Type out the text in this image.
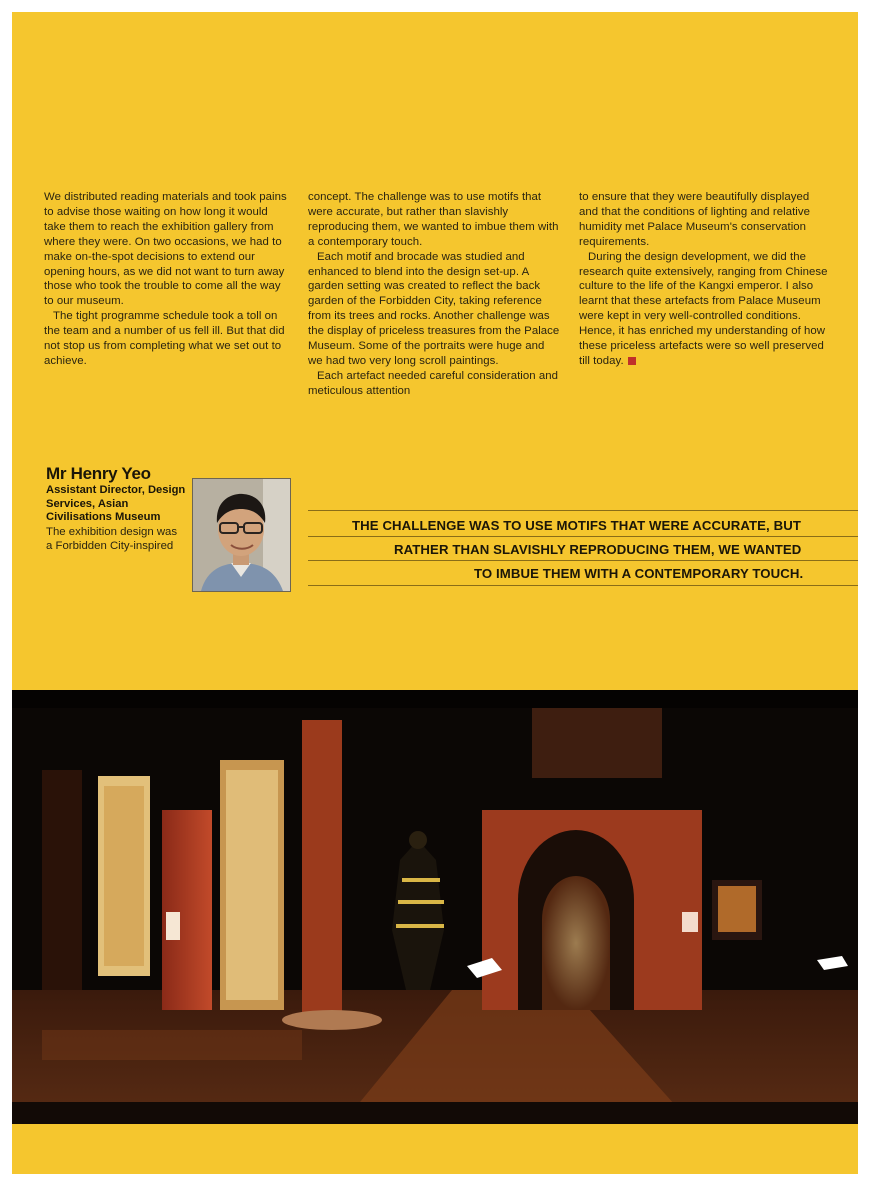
We distributed reading materials and took pains to advise those waiting on how long it would take them to reach the exhibition gallery from where they were. On two occasions, we had to make on-the-spot decisions to extend our opening hours, as we did not want to turn away those who took the trouble to come all the way to our museum.

The tight programme schedule took a toll on the team and a number of us fell ill. But that did not stop us from completing what we set out to achieve.

concept. The challenge was to use motifs that were accurate, but rather than slavishly reproducing them, we wanted to imbue them with a contemporary touch.

Each motif and brocade was studied and enhanced to blend into the design set-up. A garden setting was created to reflect the back garden of the Forbidden City, taking reference from its trees and rocks. Another challenge was the display of priceless treasures from the Palace Museum. Some of the portraits were huge and we had two very long scroll paintings.

Each artefact needed careful consideration and meticulous attention

to ensure that they were beautifully displayed and that the conditions of lighting and relative humidity met Palace Museum's conservation requirements.

During the design development, we did the research quite extensively, ranging from Chinese culture to the life of the Kangxi emperor. I also learnt that these artefacts from Palace Museum were kept in very well-controlled conditions. Hence, it has enriched my understanding of how these priceless artefacts were so well preserved till today.

Mr Henry Yeo
Assistant Director, Design Services, Asian Civilisations Museum
The exhibition design was a Forbidden City-inspired
THE CHALLENGE WAS TO USE MOTIFS THAT WERE ACCURATE, BUT
RATHER THAN SLAVISHLY REPRODUCING THEM, WE WANTED
TO IMBUE THEM WITH A CONTEMPORARY TOUCH.
